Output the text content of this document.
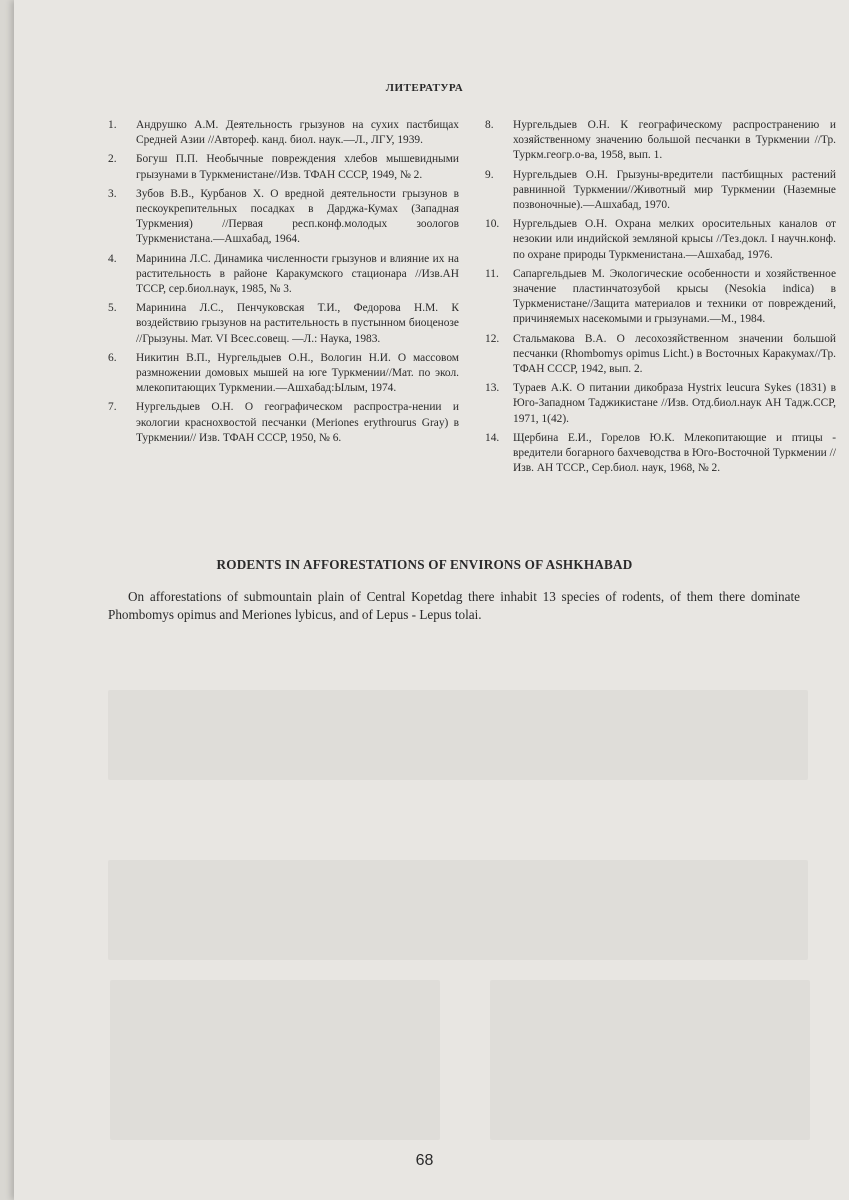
ЛИТЕРАТУРА
1.	Андрушко А.М. Деятельность грызунов на сухих пастбищах Средней Азии //Автореф. канд. биол. наук.—Л., ЛГУ, 1939.
2.	Богуш П.П. Необычные повреждения хлебов мышевидными грызунами в Туркменистане//Изв. ТФАН СССР, 1949, № 2.
3.	Зубов В.В., Курбанов Х. О вредной деятельности грызунов в пескоукрепительных посадках в Дарджа-Кумах (Западная Туркмения) //Первая респ.конф.молодых зоологов Туркменистана.—Ашхабад, 1964.
4.	Маринина Л.С. Динамика численности грызунов и влияние их на растительность в районе Каракумского стационара //Изв.АН ТССР, сер.биол.наук, 1985, № 3.
5.	Маринина Л.С., Пенчуковская Т.И., Федорова Н.М. К воздействию грызунов на растительность в пустынном биоценозе //Грызуны. Мат. VI Всес.совещ. —Л.: Наука, 1983.
6.	Никитин В.П., Нургельдыев О.Н., Вологин Н.И. О массовом размножении домовых мышей на юге Туркмении//Мат. по экол. млекопитающих Туркмении.—Ашхабад:Ылым, 1974.
7.	Нургельдыев О.Н. О географическом распростра-нении и экологии краснохвостой песчанки (Meriones erythrourus Gray) в Туркмении// Изв. ТФАН СССР, 1950, № 6.
8.	Нургельдыев О.Н. К географическому распространению и хозяйственному значению большой песчанки в Туркмении //Тр. Туркм.геогр.о-ва, 1958, вып. 1.
9.	Нургельдыев О.Н. Грызуны-вредители пастбищных растений равнинной Туркмении//Животный мир Туркмении (Наземные позвоночные).—Ашхабад, 1970.
10.	Нургельдыев О.Н. Охрана мелких оросительных каналов от незокии или индийской земляной крысы //Тез.докл. I научн.конф. по охране природы Туркменистана.—Ашхабад, 1976.
11.	Сапаргельдыев М. Экологические особенности и хозяйственное значение пластинчатозубой крысы (Nesokia indica) в Туркменистане//Защита материалов и техники от повреждений, причиняемых насекомыми и грызунами.—М., 1984.
12.	Стальмакова В.А. О лесохозяйственном значении большой песчанки (Rhombomys opimus Licht.) в Восточных Каракумах//Тр. ТФАН СССР, 1942, вып. 2.
13.	Тураев А.К. О питании дикобраза Hystrix leucura Sykes (1831) в Юго-Западном Таджикистане //Изв. Отд.биол.наук АН Тадж.ССР, 1971, 1(42).
14.	Щербина Е.И., Горелов Ю.К. Млекопитающие и птицы - вредители богарного бахчеводства в Юго-Восточной Туркмении //Изв. АН ТССР., Сер.биол. наук, 1968, № 2.
RODENTS IN AFFORESTATIONS OF ENVIRONS OF ASHKHABAD
On afforestations of submountain plain of Central Kopetdag there inhabit 13 species of rodents, of them there dominate Phombomys opimus and Meriones lybicus, and of Lepus - Lepus tolai.
68
